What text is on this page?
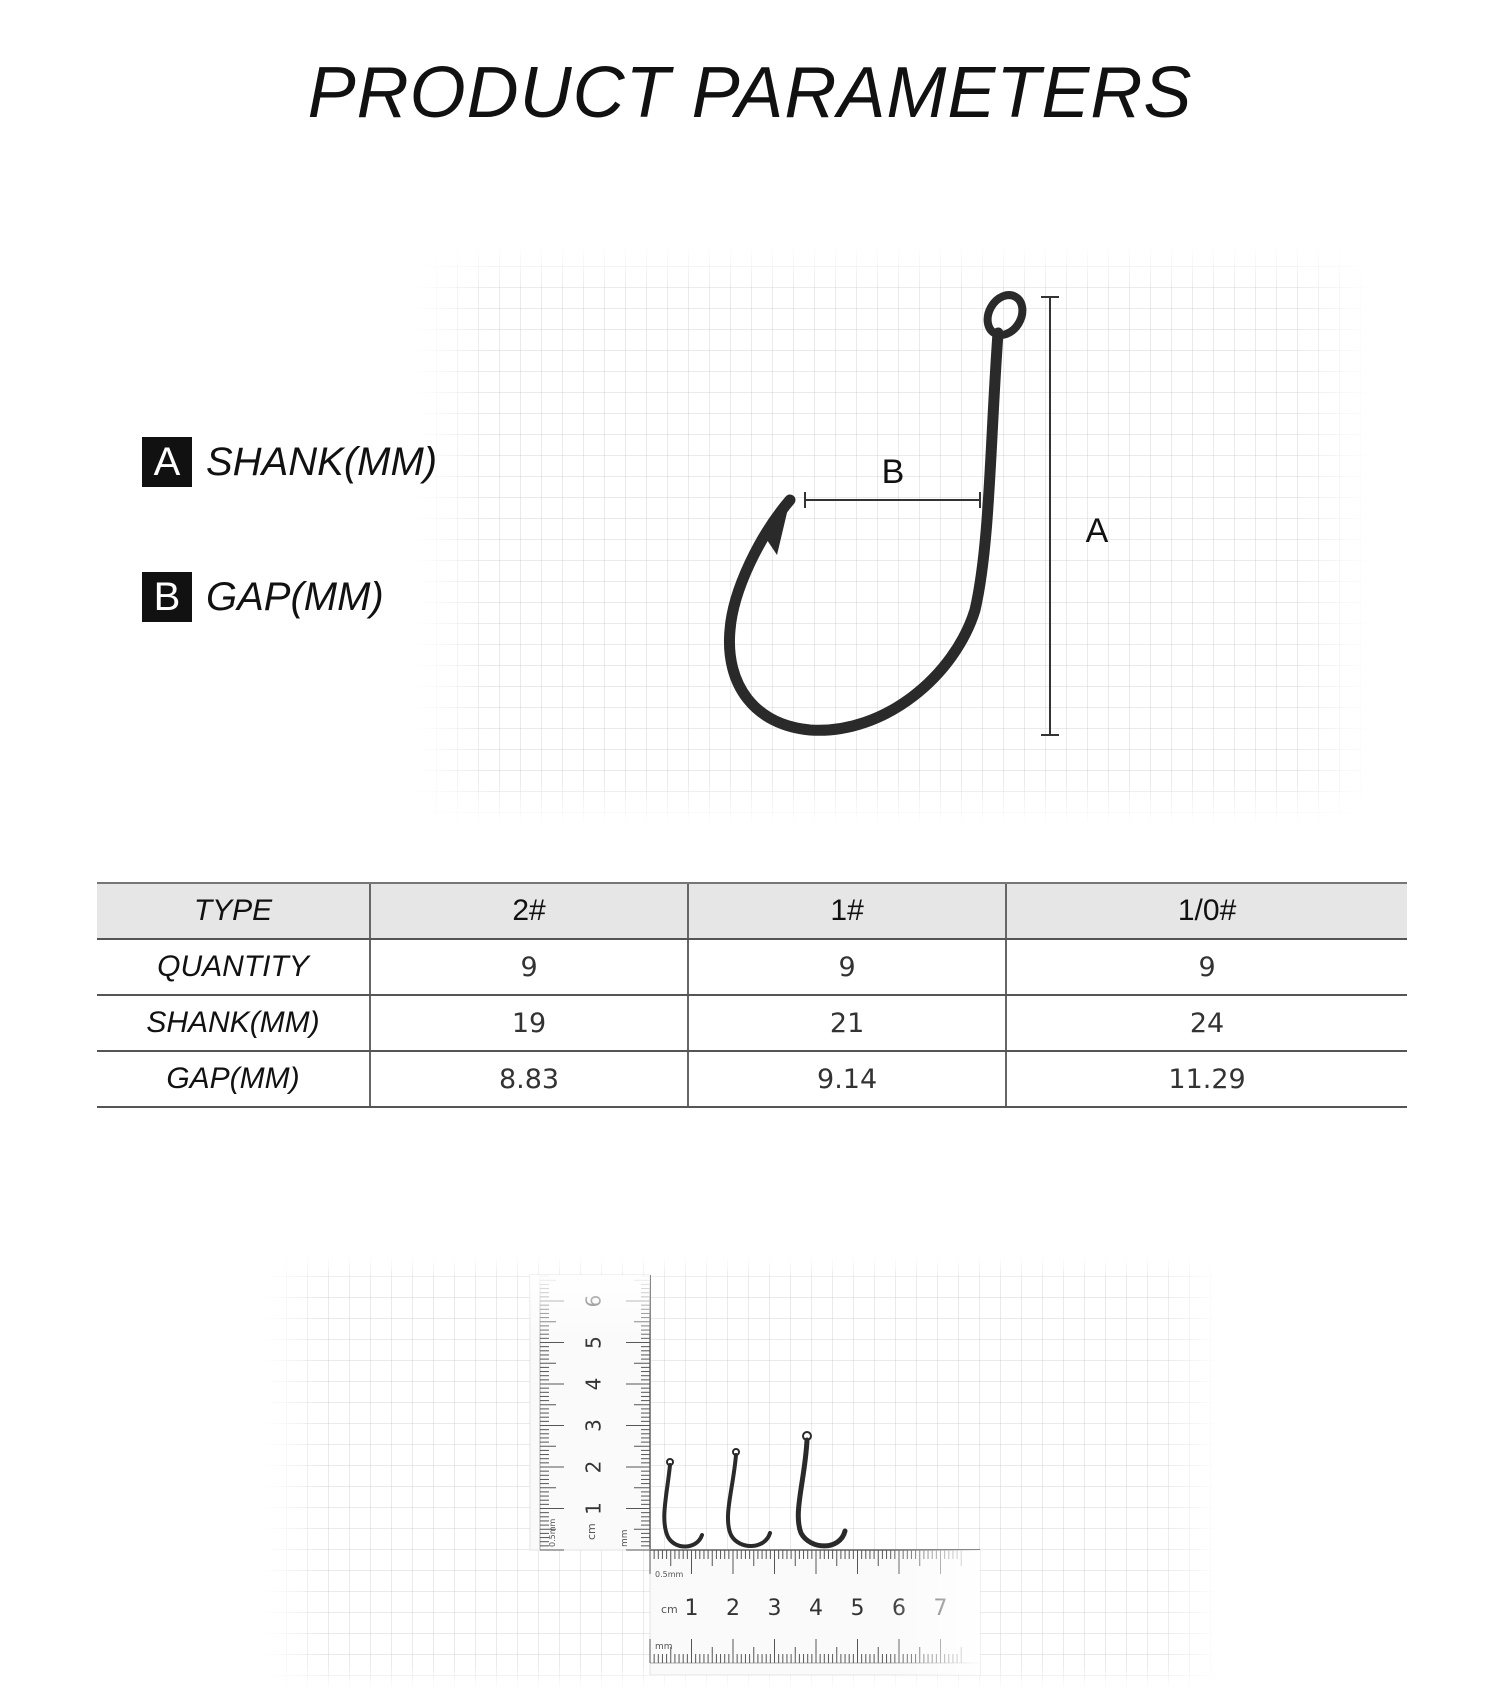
PRODUCT PARAMETERS
B
A
A SHANK(MM)
B GAP(MM)
TYPE	2#	1#	1/0#
QUANTITY	9	9	9
SHANK(MM)	19	21	24
GAP(MM)	8.83	9.14	11.29
